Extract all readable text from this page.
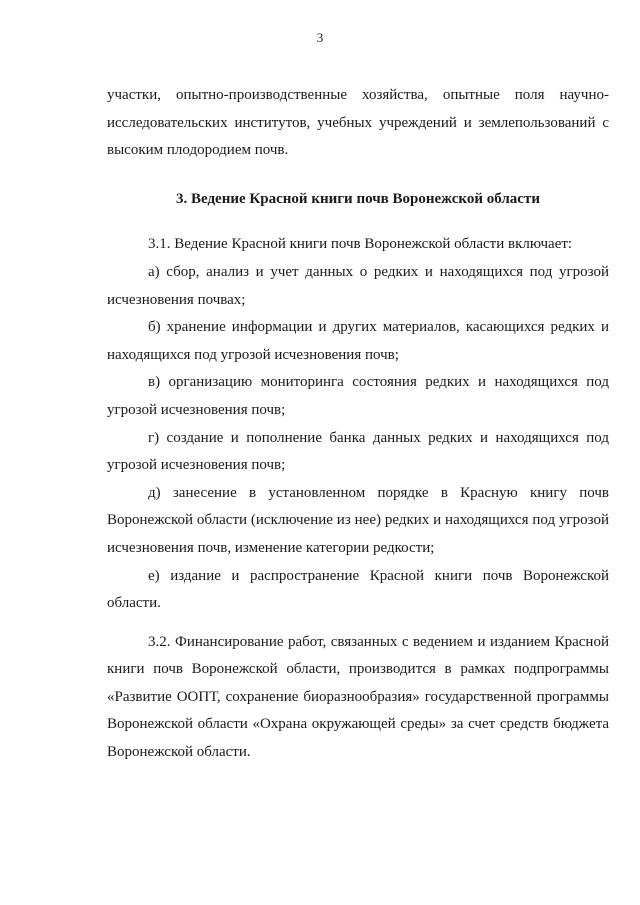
3

участки, опытно-производственные хозяйства, опытные поля научно-исследовательских институтов, учебных учреждений и землепользований с высоким плодородием почв.

3. Ведение Красной книги почв Воронежской области

3.1. Ведение Красной книги почв Воронежской области включает:

а) сбор, анализ и учет данных о редких и находящихся под угрозой исчезновения почвах;

б) хранение информации и других материалов, касающихся редких и находящихся под угрозой исчезновения почв;

в) организацию мониторинга состояния редких и находящихся под угрозой исчезновения почв;

г) создание и пополнение банка данных редких и находящихся под угрозой исчезновения почв;

д) занесение в установленном порядке в Красную книгу почв Воронежской области (исключение из нее) редких и находящихся под угрозой исчезновения почв, изменение категории редкости;

е) издание и распространение Красной книги почв Воронежской области.

3.2. Финансирование работ, связанных с ведением и изданием Красной книги почв Воронежской области, производится в рамках подпрограммы «Развитие ООПТ, сохранение биоразнообразия» государственной программы Воронежской области «Охрана окружающей среды» за счет средств бюджета Воронежской области.
